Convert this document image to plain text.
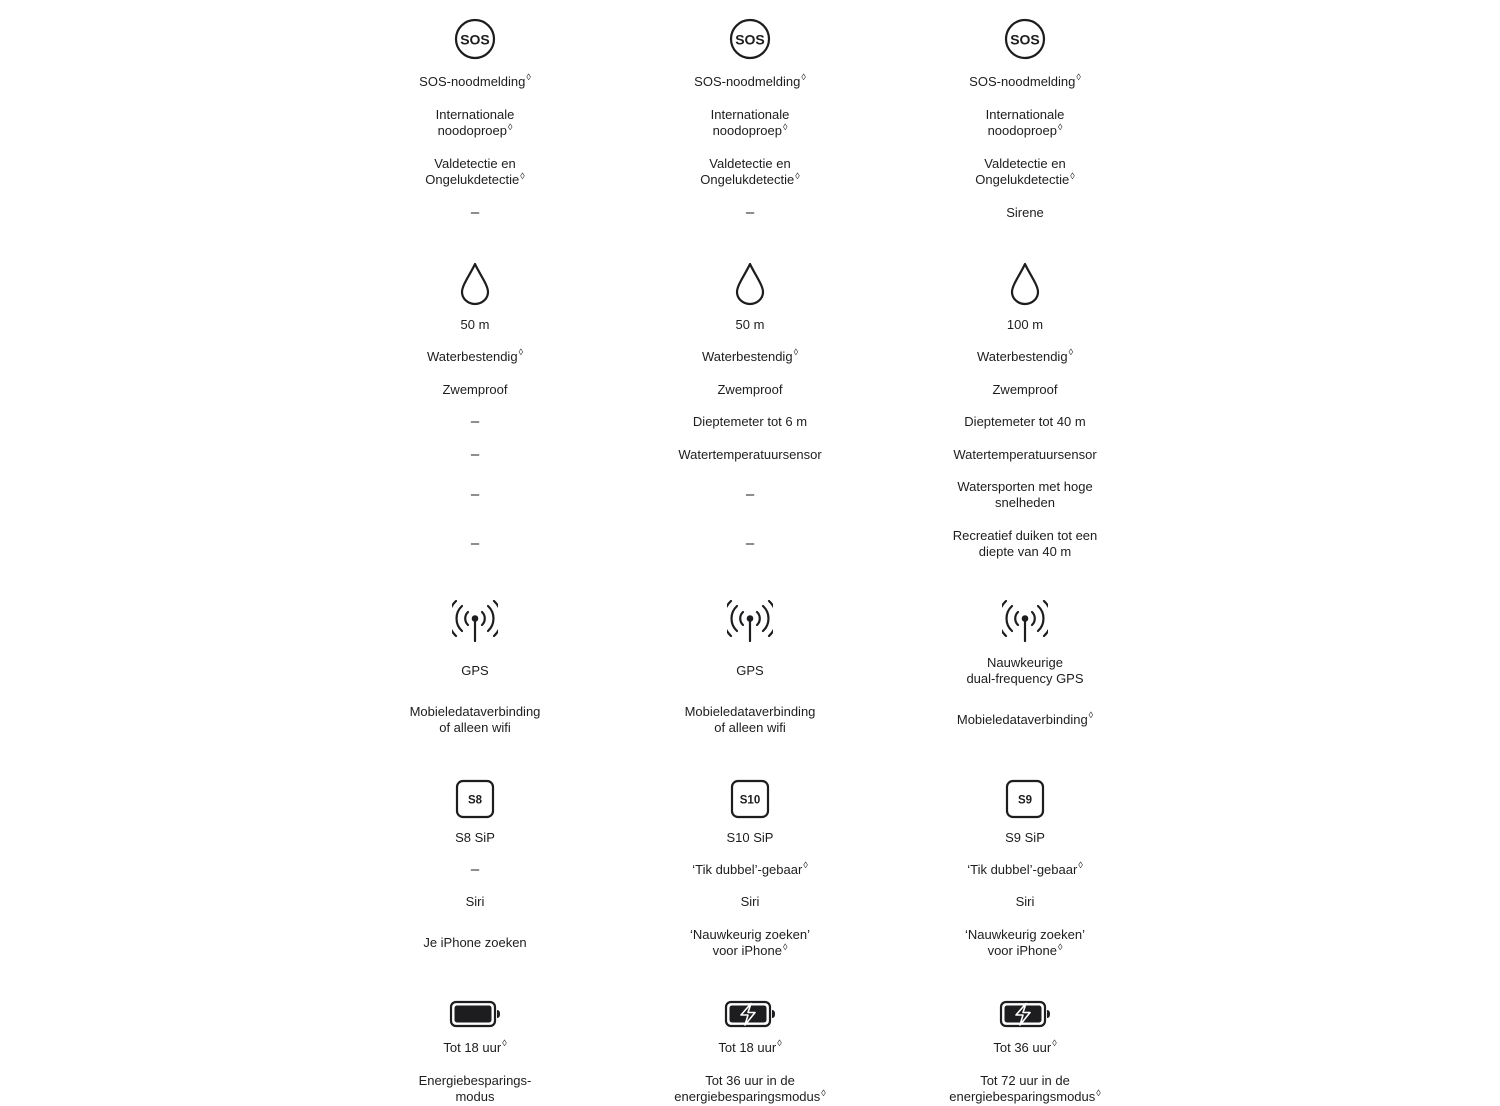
SOS
SOS-noodmelding◊
Internationale
noodoproep◊
Valdetectie en
Ongelukdetectie◊
–
50 m
Waterbestendig◊
Zwemproof
–
–
–
–
GPS
Mobieledataverbinding
of alleen wifi
S8
S8 SiP
–
Siri
Je iPhone zoeken
Tot 18 uur◊
Energiebesparings-
modus
SOS
SOS-noodmelding◊
Internationale
noodoproep◊
Valdetectie en
Ongelukdetectie◊
–
50 m
Waterbestendig◊
Zwemproof
Dieptemeter tot 6 m
Watertemperatuursensor
–
–
GPS
Mobieledataverbinding
of alleen wifi
S10
S10 SiP
‘Tik dubbel’-gebaar◊
Siri
‘Nauwkeurig zoeken’
voor iPhone◊
Tot 18 uur◊
Tot 36 uur in de
energiebesparingsmodus◊
SOS
SOS-noodmelding◊
Internationale
noodoproep◊
Valdetectie en
Ongelukdetectie◊
Sirene
100 m
Waterbestendig◊
Zwemproof
Dieptemeter tot 40 m
Watertemperatuursensor
Watersporten met hoge
snelheden
Recreatief duiken tot een
diepte van 40 m
Nauwkeurige
dual-frequency GPS
Mobieledataverbinding◊
S9
S9 SiP
‘Tik dubbel’-gebaar◊
Siri
‘Nauwkeurig zoeken’
voor iPhone◊
Tot 36 uur◊
Tot 72 uur in de
energiebesparingsmodus◊
